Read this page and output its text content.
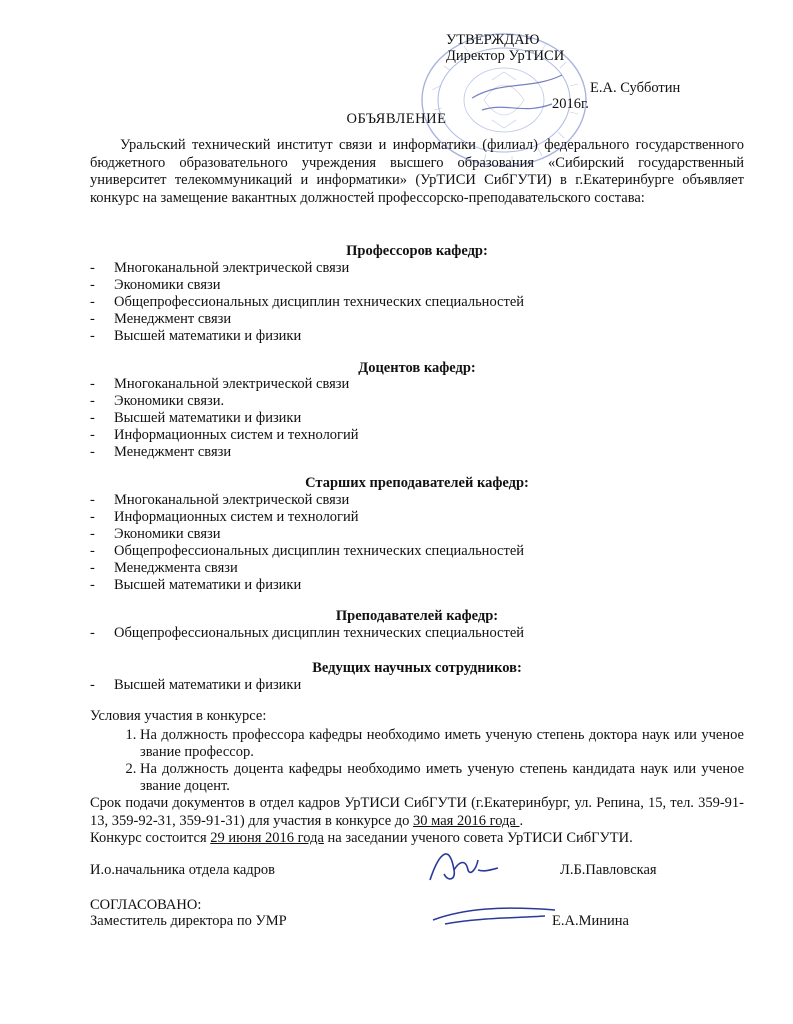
УТВЕРЖДАЮ
Директор УрТИСИ
Е.А. Субботин
2016г.
ОБЪЯВЛЕНИЕ

Уральский технический институт связи и информатики (филиал) федерального государственного бюджетного образовательного учреждения высшего образования «Сибирский государственный университет телекоммуникаций и информатики» (УрТИСИ СибГУТИ) в г.Екатеринбурге объявляет конкурс на замещение вакантных должностей профессорско-преподавательского состава:

Профессоров кафедр:
- Многоканальной электрической связи
- Экономики связи
- Общепрофессиональных дисциплин технических специальностей
- Менеджмент связи
- Высшей математики и физики
Доцентов кафедр:
- Многоканальной электрической связи
- Экономики связи.
- Высшей математики и физики
- Информационных систем и технологий
- Менеджмент связи
Старших преподавателей кафедр:
- Многоканальной электрической связи
- Информационных систем и технологий
- Экономики связи
- Общепрофессиональных дисциплин технических специальностей
- Менеджмента связи
- Высшей математики и физики
Преподавателей кафедр:
- Общепрофессиональных дисциплин технических специальностей
Ведущих научных сотрудников:
- Высшей математики и физики
Условия участия в конкурсе:
1. На должность профессора кафедры необходимо иметь ученую степень доктора наук или ученое звание профессор.
2. На должность доцента кафедры необходимо иметь ученую степень кандидата наук или ученое звание доцент.
Срок подачи документов в отдел кадров УрТИСИ СибГУТИ (г.Екатеринбург, ул. Репина, 15, тел. 359-91-13, 359-92-31, 359-91-31) для участия в конкурсе до 30 мая 2016 года .
Конкурс состоится 29 июня 2016 года на заседании ученого совета УрТИСИ СибГУТИ.
И.о.начальника отдела кадров	Л.Б.Павловская
СОГЛАСОВАНО:
Заместитель директора по УМР	Е.А.Минина
